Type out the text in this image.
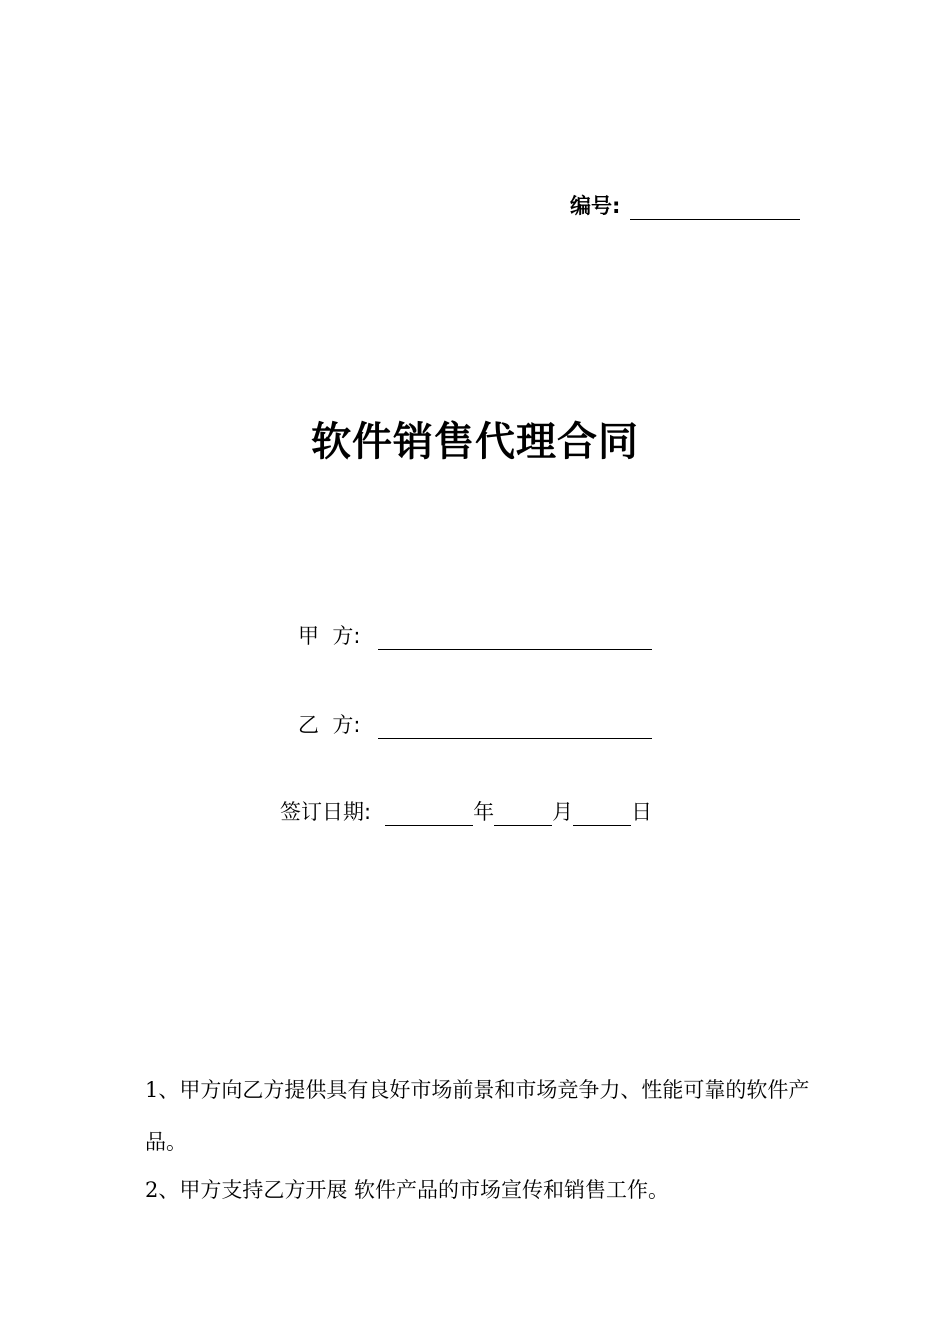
编号:
软件销售代理合同
甲  方:
乙  方:
签订日期:	年	月	日
1、甲方向乙方提供具有良好市场前景和市场竞争力、性能可靠的软件产品。
2、甲方支持乙方开展 软件产品的市场宣传和销售工作。
